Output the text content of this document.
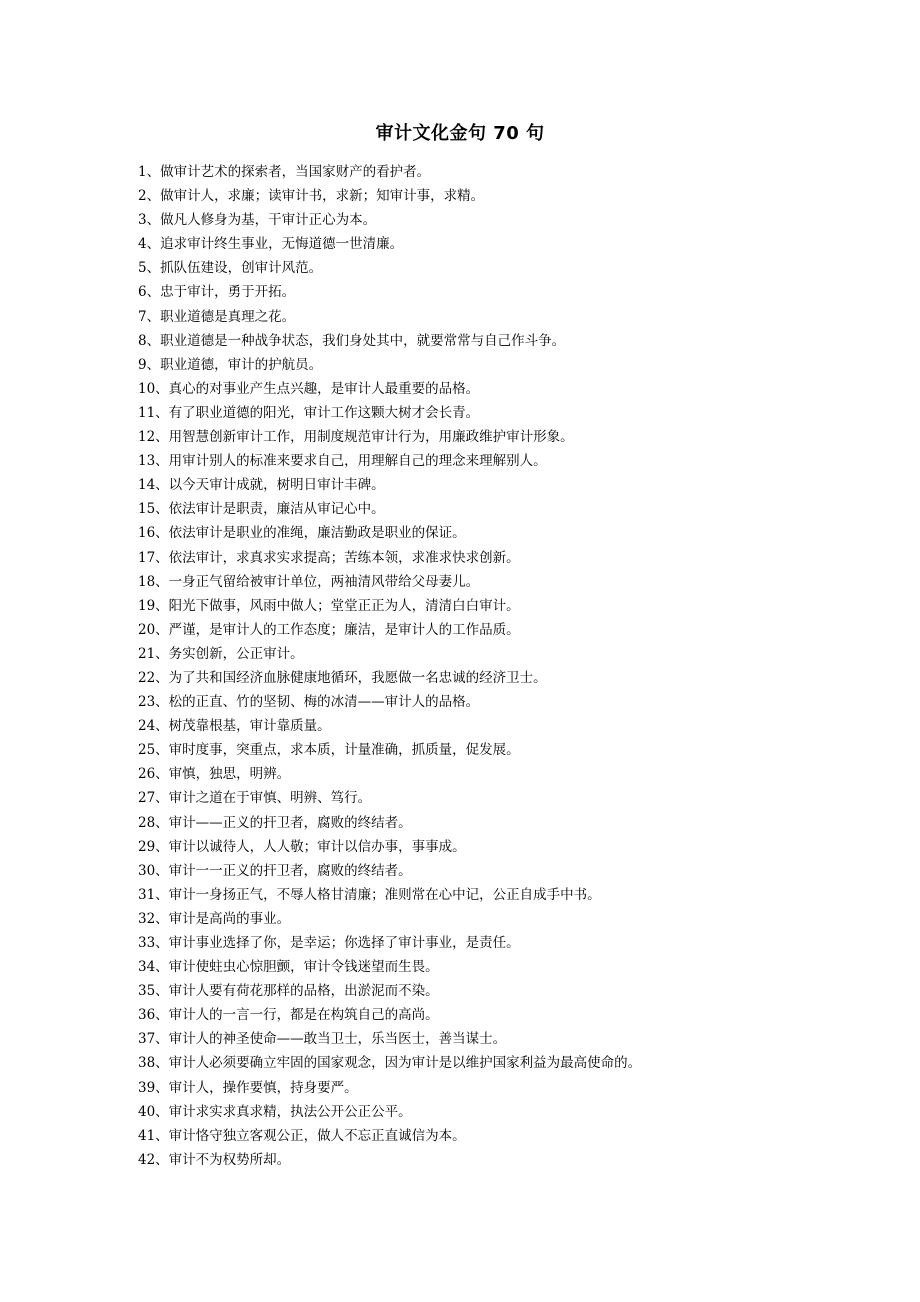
审计文化金句 70 句
1、做审计艺术的探索者，当国家财产的看护者。
2、做审计人，求廉；读审计书，求新；知审计事，求精。
3、做凡人修身为基，干审计正心为本。
4、追求审计终生事业，无悔道德一世清廉。
5、抓队伍建设，创审计风范。
6、忠于审计，勇于开拓。
7、职业道德是真理之花。
8、职业道德是一种战争状态，我们身处其中，就要常常与自己作斗争。
9、职业道德，审计的护航员。
10、真心的对事业产生点兴趣，是审计人最重要的品格。
11、有了职业道德的阳光，审计工作这颗大树才会长青。
12、用智慧创新审计工作，用制度规范审计行为，用廉政维护审计形象。
13、用审计别人的标准来要求自己，用理解自己的理念来理解别人。
14、以今天审计成就，树明日审计丰碑。
15、依法审计是职责，廉洁从审记心中。
16、依法审计是职业的准绳，廉洁勤政是职业的保证。
17、依法审计，求真求实求提高；苦练本领，求准求快求创新。
18、一身正气留给被审计单位，两袖清风带给父母妻儿。
19、阳光下做事，风雨中做人；堂堂正正为人，清清白白审计。
20、严谨，是审计人的工作态度；廉洁，是审计人的工作品质。
21、务实创新，公正审计。
22、为了共和国经济血脉健康地循环，我愿做一名忠诚的经济卫士。
23、松的正直、竹的坚韧、梅的冰清——审计人的品格。
24、树茂靠根基，审计靠质量。
25、审时度事，突重点，求本质，计量准确，抓质量，促发展。
26、审慎，独思，明辨。
27、审计之道在于审慎、明辨、笃行。
28、审计——正义的扞卫者，腐败的终结者。
29、审计以诚待人，人人敬；审计以信办事，事事成。
30、审计一一正义的扞卫者，腐败的终结者。
31、审计一身扬正气，不辱人格甘清廉；准则常在心中记，公正自成手中书。
32、审计是高尚的事业。
33、审计事业选择了你，是幸运；你选择了审计事业，是责任。
34、审计使蛀虫心惊胆颤，审计令钱迷望而生畏。
35、审计人要有荷花那样的品格，出淤泥而不染。
36、审计人的一言一行，都是在构筑自己的高尚。
37、审计人的神圣使命——敢当卫士，乐当医士，善当谋士。
38、审计人必须要确立牢固的国家观念，因为审计是以维护国家利益为最高使命的。
39、审计人，操作要慎，持身要严。
40、审计求实求真求精，执法公开公正公平。
41、审计恪守独立客观公正，做人不忘正直诚信为本。
42、审计不为权势所却。
